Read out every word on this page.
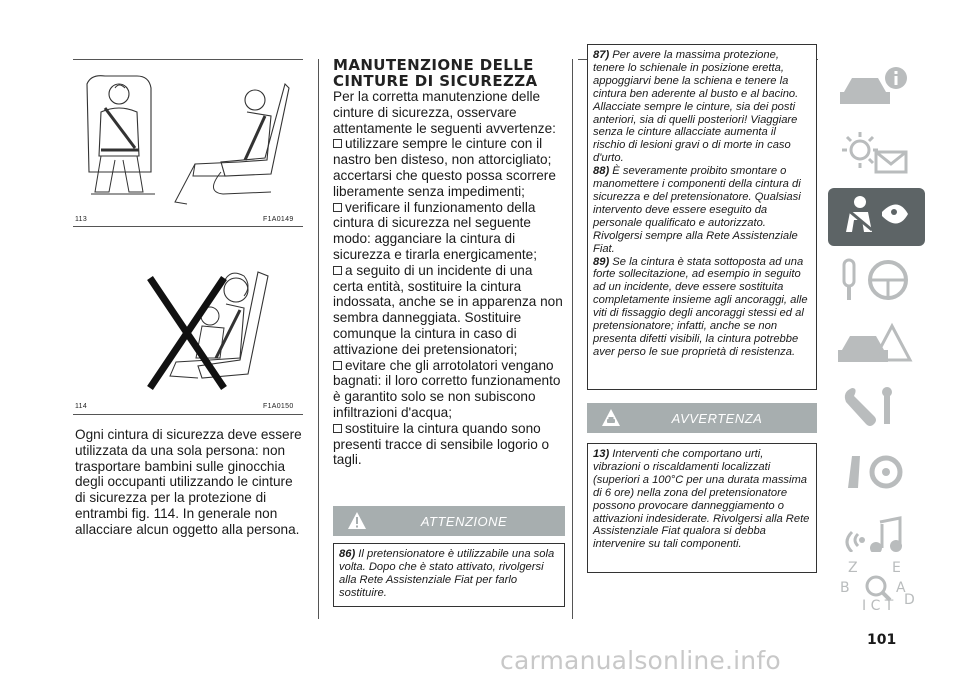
113	F1A0149
114	F1A0150

Ogni cintura di sicurezza deve essere utilizzata da una sola persona: non trasportare bambini sulle ginocchia degli occupanti utilizzando le cinture di sicurezza per la protezione di entrambi fig. 114. In generale non allacciare alcun oggetto alla persona.

MANUTENZIONE DELLE CINTURE DI SICUREZZA

Per la corretta manutenzione delle cinture di sicurezza, osservare attentamente le seguenti avvertenze:

utilizzare sempre le cinture con il nastro ben disteso, non attorcigliato; accertarsi che questo possa scorrere liberamente senza impedimenti;

verificare il funzionamento della cintura di sicurezza nel seguente modo: agganciare la cintura di sicurezza e tirarla energicamente;

a seguito di un incidente di una certa entità, sostituire la cintura indossata, anche se in apparenza non sembra danneggiata. Sostituire comunque la cintura in caso di attivazione dei pretensionatori;

evitare che gli arrotolatori vengano bagnati: il loro corretto funzionamento è garantito solo se non subiscono infiltrazioni d'acqua;

sostituire la cintura quando sono presenti tracce di sensibile logorio o tagli.

ATTENZIONE

86) Il pretensionatore è utilizzabile una sola volta. Dopo che è stato attivato, rivolgersi alla Rete Assistenziale Fiat per farlo sostituire.

87) Per avere la massima protezione, tenere lo schienale in posizione eretta, appoggiarvi bene la schiena e tenere la cintura ben aderente al busto e al bacino. Allacciate sempre le cinture, sia dei posti anteriori, sia di quelli posteriori! Viaggiare senza le cinture allacciate aumenta il rischio di lesioni gravi o di morte in caso d'urto.

88) È severamente proibito smontare o manomettere i componenti della cintura di sicurezza e del pretensionatore. Qualsiasi intervento deve essere eseguito da personale qualificato e autorizzato. Rivolgersi sempre alla Rete Assistenziale Fiat.

89) Se la cintura è stata sottoposta ad una forte sollecitazione, ad esempio in seguito ad un incidente, deve essere sostituita completamente insieme agli ancoraggi, alle viti di fissaggio degli ancoraggi stessi ed al pretensionatore; infatti, anche se non presenta difetti visibili, la cintura potrebbe aver perso le sue proprietà di resistenza.

AVVERTENZA

13) Interventi che comportano urti, vibrazioni o riscaldamenti localizzati (superiori a 100°C per una durata massima di 6 ore) nella zona del pretensionatore possono provocare danneggiamento o attivazioni indesiderate. Rivolgersi alla Rete Assistenziale Fiat qualora si debba intervenire su tali componenti.

Z E
B	A
I C T D
101
carmanualsonline.info
